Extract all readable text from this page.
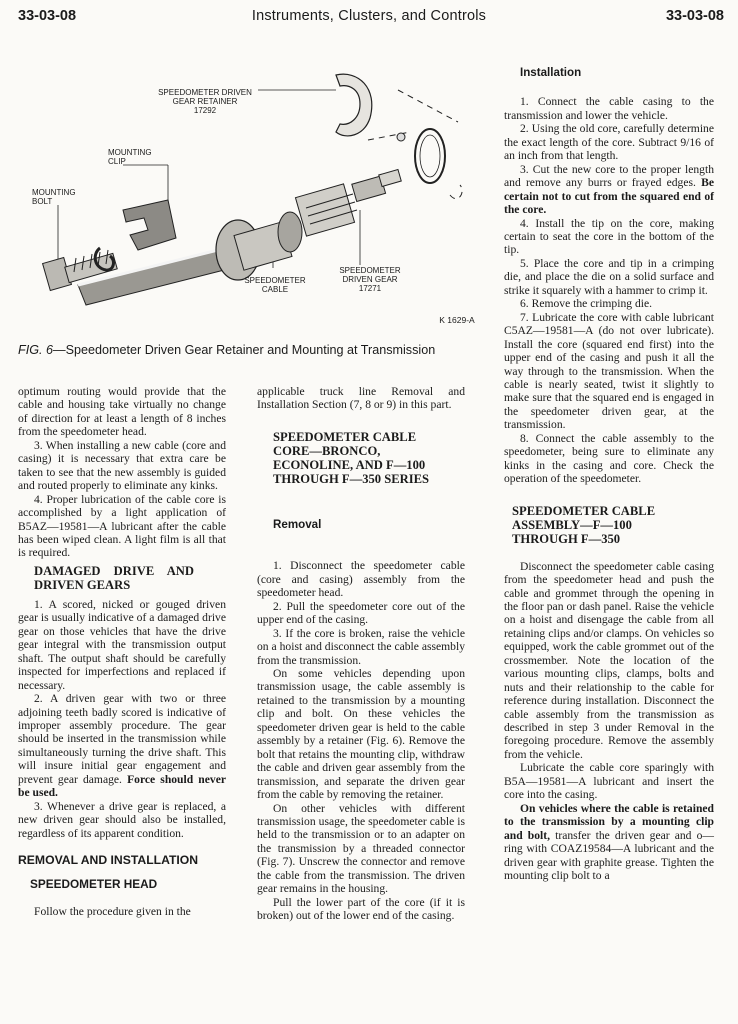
33-03-08	Instruments, Clusters, and Controls	33-03-08
SPEEDOMETER DRIVEN
GEAR RETAINER
17292
MOUNTING
CLIP
MOUNTING
BOLT
SPEEDOMETER
CABLE
SPEEDOMETER
DRIVEN GEAR
17271
K 1629-A
FIG. 6—Speedometer Driven Gear Retainer and Mounting at Transmission

optimum routing would provide that the cable and housing take virtually no change of direction for at least a length of 8 inches from the speedometer head.

3. When installing a new cable (core and casing) it is necessary that extra care be taken to see that the new assembly is guided and routed properly to eliminate any kinks.

4. Proper lubrication of the cable core is accomplished by a light application of B5AZ—19581—A lubricant after the cable has been wiped clean. A light film is all that is required.

DAMAGED DRIVE AND DRIVEN GEARS

1. A scored, nicked or gouged driven gear is usually indicative of a damaged drive gear on those vehicles that have the drive gear integral with the transmission output shaft. The output shaft should be carefully inspected for imperfections and replaced if necessary.

2. A driven gear with two or three adjoining teeth badly scored is indicative of improper assembly procedure. The gear should be inserted in the transmission while simultaneously turning the drive shaft. This will insure initial gear engagement and prevent gear damage. Force should never be used.

3. Whenever a drive gear is replaced, a new driven gear should also be installed, regardless of its apparent condition.

REMOVAL AND INSTALLATION
SPEEDOMETER HEAD

Follow the procedure given in the

applicable truck line Removal and Installation Section (7, 8 or 9) in this part.

SPEEDOMETER CABLE CORE—BRONCO, ECONOLINE, AND F—100 THROUGH F—350 SERIES
Removal

1. Disconnect the speedometer cable (core and casing) assembly from the speedometer head.

2. Pull the speedometer core out of the upper end of the casing.

3. If the core is broken, raise the vehicle on a hoist and disconnect the cable assembly from the transmission.

On some vehicles depending upon transmission usage, the cable assembly is retained to the transmission by a mounting clip and bolt. On these vehicles the speedometer driven gear is held to the cable assembly by a retainer (Fig. 6). Remove the bolt that retains the mounting clip, withdraw the cable and driven gear assembly from the transmission, and separate the driven gear from the cable by removing the retainer.

On other vehicles with different transmission usage, the speedometer cable is held to the transmission or to an adapter on the transmission by a threaded connector (Fig. 7). Unscrew the connector and remove the cable from the transmission. The driven gear remains in the housing.

Pull the lower part of the core (if it is broken) out of the lower end of the casing.

Installation

1. Connect the cable casing to the transmission and lower the vehicle.

2. Using the old core, carefully determine the exact length of the core. Subtract 9/16 of an inch from that length.

3. Cut the new core to the proper length and remove any burrs or frayed edges. Be certain not to cut from the squared end of the core.

4. Install the tip on the core, making certain to seat the core in the bottom of the tip.

5. Place the core and tip in a crimping die, and place the die on a solid surface and strike it squarely with a hammer to crimp it.

6. Remove the crimping die.

7. Lubricate the core with cable lubricant C5AZ—19581—A (do not over lubricate). Install the core (squared end first) into the upper end of the casing and push it all the way through to the transmission. When the cable is nearly seated, twist it slightly to make sure that the squared end is engaged in the speedometer driven gear, at the transmission.

8. Connect the cable assembly to the speedometer, being sure to eliminate any kinks in the casing and core. Check the operation of the speedometer.

SPEEDOMETER CABLE ASSEMBLY—F—100 THROUGH F—350

Disconnect the speedometer cable casing from the speedometer head and push the cable and grommet through the opening in the floor pan or dash panel. Raise the vehicle on a hoist and disengage the cable from all retaining clips and/or clamps. On vehicles so equipped, work the cable grommet out of the crossmember. Note the location of the various mounting clips, clamps, bolts and nuts and their relationship to the cable for reference during installation. Disconnect the cable assembly from the transmission as described in step 3 under Removal in the foregoing procedure. Remove the assembly from the vehicle.

Lubricate the cable core sparingly with B5A—19581—A lubricant and insert the core into the casing.

On vehicles where the cable is retained to the transmission by a mounting clip and bolt, transfer the driven gear and o—ring with COAZ19584—A lubricant and the driven gear with graphite grease. Tighten the mounting clip bolt to a
